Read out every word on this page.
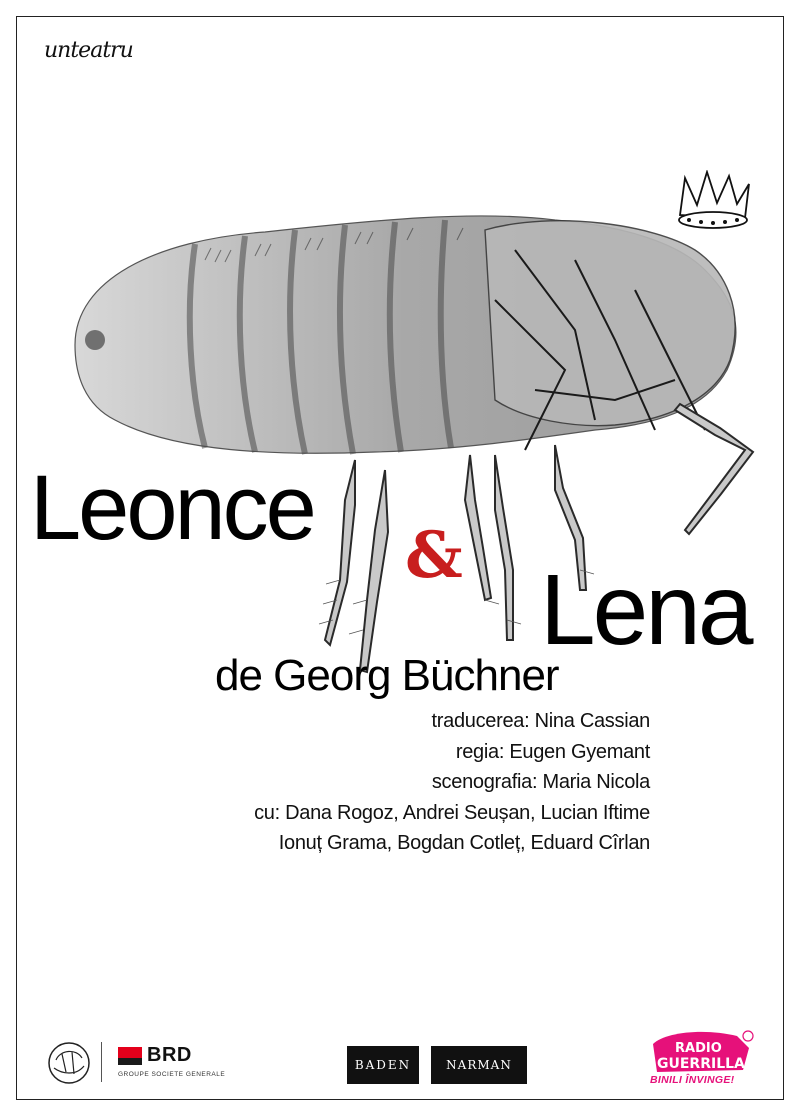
unteatru
Leonce & Lena
de Georg Büchner
traducerea: Nina Cassian
regia: Eugen Gyemant
scenografia: Maria Nicola
cu: Dana Rogoz, Andrei Seușan, Lucian Iftime
Ionuț Grama, Bogdan Cotleț, Eduard Cîrlan
BRD
GROUPE SOCIETE GENERALE
BADEN	NARMAN
RADIO
GUERRILLA
BINILI ÎNVINGE!
